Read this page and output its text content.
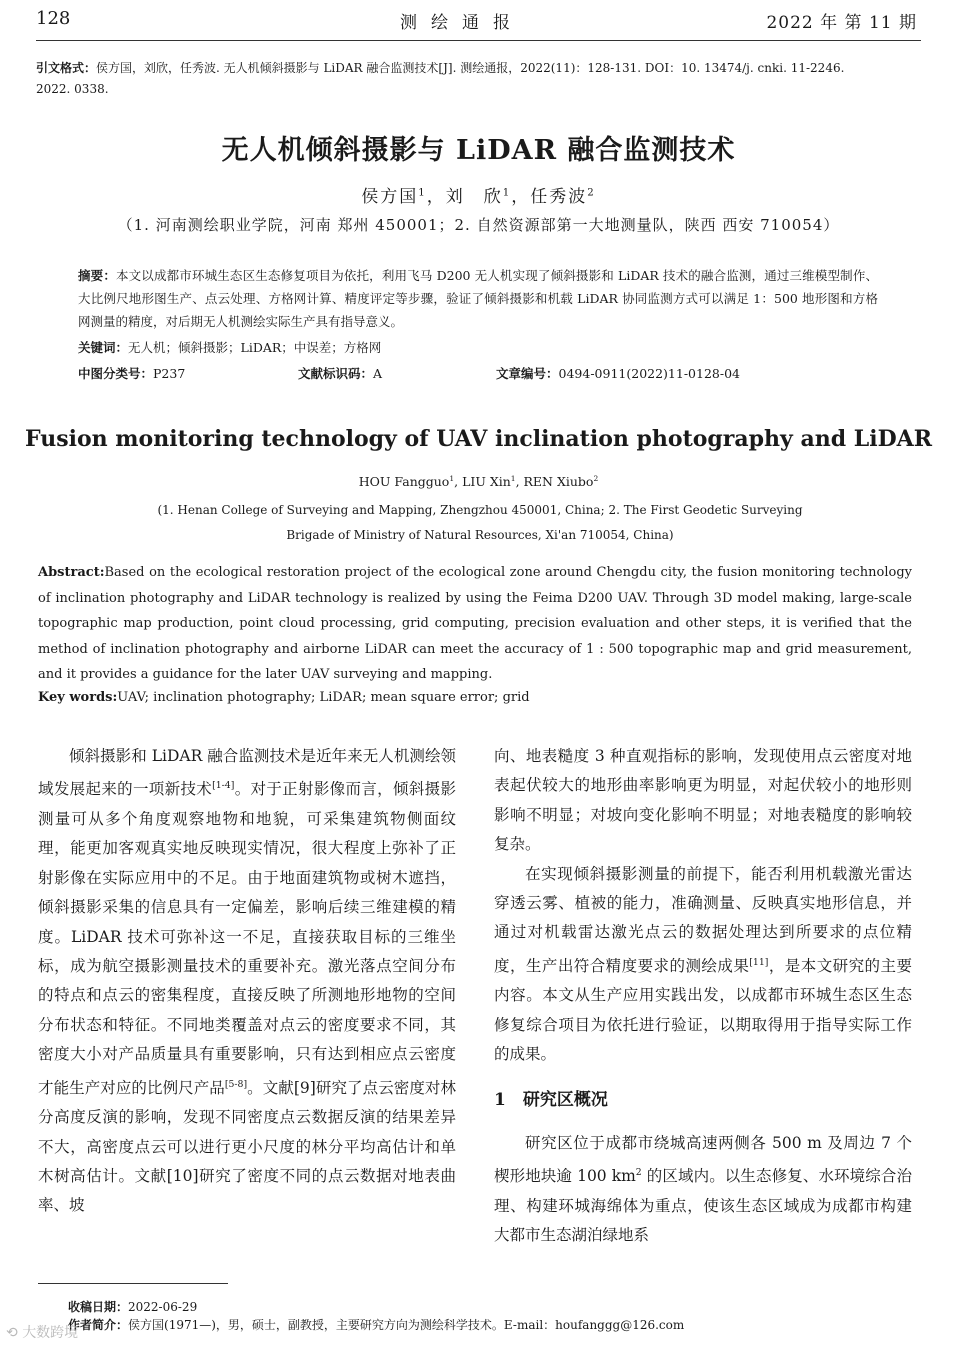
128	测绘通报	2022 年 第 11 期
引文格式：侯方国，刘欣，任秀波. 无人机倾斜摄影与 LiDAR 融合监测技术[J]. 测绘通报，2022(11)：128-131. DOI：10. 13474/j. cnki. 11-2246.
2022. 0338.
无人机倾斜摄影与 LiDAR 融合监测技术
侯方国$^1$，刘　欣$^1$，任秀波$^2$
（1. 河南测绘职业学院，河南 郑州 450001；2. 自然资源部第一大地测量队，陕西 西安 710054）
摘要：本文以成都市环城生态区生态修复项目为依托，利用飞马 D200 无人机实现了倾斜摄影和 LiDAR 技术的融合监测，通过三维模型制作、大比例尺地形图生产、点云处理、方格网计算、精度评定等步骤，验证了倾斜摄影和机载 LiDAR 协同监测方式可以满足 1：500 地形图和方格网测量的精度，对后期无人机测绘实际生产具有指导意义。
关键词：无人机；倾斜摄影；LiDAR；中误差；方格网
中图分类号：P237	文献标识码：A	文章编号：0494-0911(2022)11-0128-04
Fusion monitoring technology of UAV inclination photography and LiDAR
HOU Fangguo$^1$, LIU Xin$^1$, REN Xiubo$^2$
(1. Henan College of Surveying and Mapping, Zhengzhou 450001, China; 2. The First Geodetic Surveying
Brigade of Ministry of Natural Resources, Xi'an 710054, China)
Abstract:Based on the ecological restoration project of the ecological zone around Chengdu city, the fusion monitoring technology of inclination photography and LiDAR technology is realized by using the Feima D200 UAV. Through 3D model making, large-scale topographic map production, point cloud processing, grid computing, precision evaluation and other steps, it is verified that the method of inclination photography and airborne LiDAR can meet the accuracy of 1 : 500 topographic map and grid measurement, and it provides a guidance for the later UAV surveying and mapping.
Key words:UAV; inclination photography; LiDAR; mean square error; grid

倾斜摄影和 LiDAR 融合监测技术是近年来无人机测绘领域发展起来的一项新技术[1-4]。对于正射影像而言，倾斜摄影测量可从多个角度观察地物和地貌，可采集建筑物侧面纹理，能更加客观真实地反映现实情况，很大程度上弥补了正射影像在实际应用中的不足。由于地面建筑物或树木遮挡，倾斜摄影采集的信息具有一定偏差，影响后续三维建模的精度。LiDAR 技术可弥补这一不足，直接获取目标的三维坐标，成为航空摄影测量技术的重要补充。激光落点空间分布的特点和点云的密集程度，直接反映了所测地形地物的空间分布状态和特征。不同地类覆盖对点云的密度要求不同，其密度大小对产品质量具有重要影响，只有达到相应点云密度才能生产对应的比例尺产品[5-8]。文献[9]研究了点云密度对林分高度反演的影响，发现不同密度点云数据反演的结果差异不大，高密度点云可以进行更小尺度的林分平均高估计和单木树高估计。文献[10]研究了密度不同的点云数据对地表曲率、坡

向、地表糙度 3 种直观指标的影响，发现使用点云密度对地表起伏较大的地形曲率影响更为明显，对起伏较小的地形则影响不明显；对坡向变化影响不明显；对地表糙度的影响较复杂。

在实现倾斜摄影测量的前提下，能否利用机载激光雷达穿透云雾、植被的能力，准确测量、反映真实地形信息，并通过对机载雷达激光点云的数据处理达到所要求的点位精度，生产出符合精度要求的测绘成果[11]，是本文研究的主要内容。本文从生产应用实践出发，以成都市环城生态区生态修复综合项目为依托进行验证，以期取得用于指导实际工作的成果。

1　研究区概况

研究区位于成都市绕城高速两侧各 500 m 及周边 7 个楔形地块逾 100 $km^2$ 的区域内。以生态修复、水环境综合治理、构建环城海绵体为重点，使该生态区域成为成都市构建大都市生态湖泊绿地系

收稿日期：2022-06-29
作者简介：侯方国(1971—)，男，硕士，副教授，主要研究方向为测绘科学技术。E-mail：houfanggg@126.com
⟲ 大数跨境
